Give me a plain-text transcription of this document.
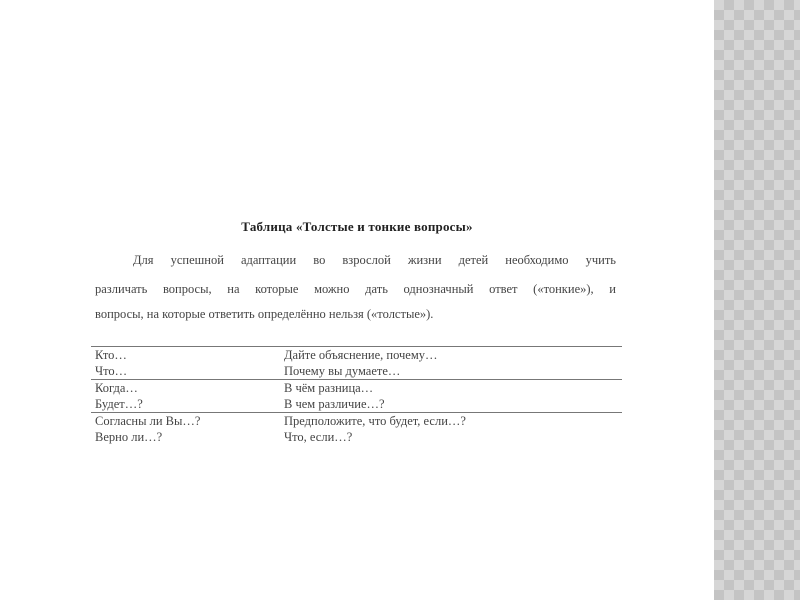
Таблица «Толстые и тонкие вопросы»
Для успешной адаптации во взрослой жизни детей необходимо учить
различать вопросы, на которые можно дать однозначный ответ («тонкие»), и
вопросы, на которые ответить определённо нельзя («толстые»).
Кто…	Дайте объяснение, почему…
Что…	Почему вы думаете…
Когда…	В чём разница…
Будет…?	В чем различие…?
Согласны ли Вы…?	Предположите, что будет, если…?
Верно ли…?	Что, если…?
